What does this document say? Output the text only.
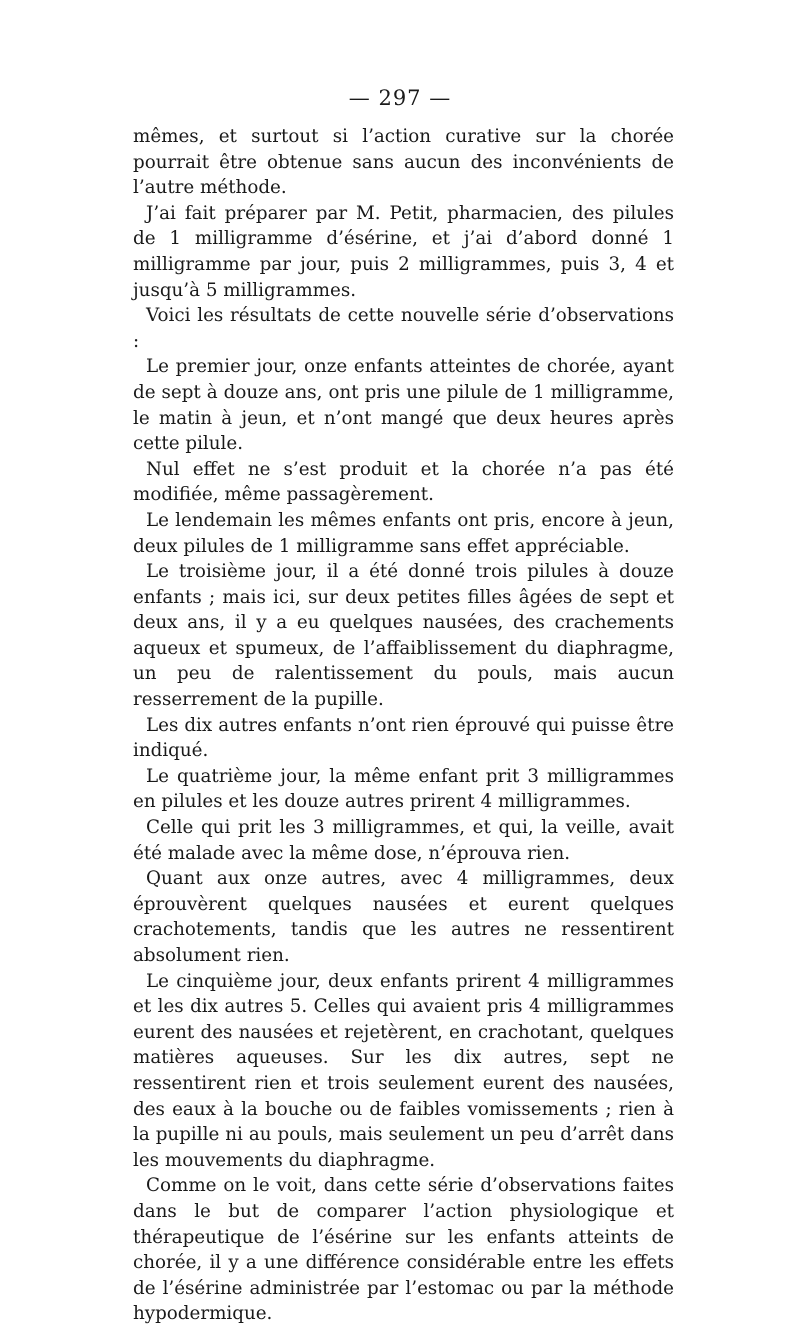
— 297 —

mêmes, et surtout si l’action curative sur la chorée pourrait être obtenue sans aucun des inconvénients de l’autre méthode.

J’ai fait préparer par M. Petit, pharmacien, des pilules de 1 milligramme d’ésérine, et j’ai d’abord donné 1 milligramme par jour, puis 2 milligrammes, puis 3, 4 et jusqu’à 5 milligrammes.

Voici les résultats de cette nouvelle série d’observations :

Le premier jour, onze enfants atteintes de chorée, ayant de sept à douze ans, ont pris une pilule de 1 milligramme, le matin à jeun, et n’ont mangé que deux heures après cette pilule.

Nul effet ne s’est produit et la chorée n’a pas été modifiée, même passagèrement.

Le lendemain les mêmes enfants ont pris, encore à jeun, deux pilules de 1 milligramme sans effet appréciable.

Le troisième jour, il a été donné trois pilules à douze enfants ; mais ici, sur deux petites filles âgées de sept et deux ans, il y a eu quelques nausées, des crachements aqueux et spumeux, de l’affaiblissement du diaphragme, un peu de ralentissement du pouls, mais aucun resserrement de la pupille.

Les dix autres enfants n’ont rien éprouvé qui puisse être indiqué.

Le quatrième jour, la même enfant prit 3 milligrammes en pilules et les douze autres prirent 4 milligrammes.

Celle qui prit les 3 milligrammes, et qui, la veille, avait été malade avec la même dose, n’éprouva rien.

Quant aux onze autres, avec 4 milligrammes, deux éprouvèrent quelques nausées et eurent quelques crachotements, tandis que les autres ne ressentirent absolument rien.

Le cinquième jour, deux enfants prirent 4 milligrammes et les dix autres 5. Celles qui avaient pris 4 milligrammes eurent des nausées et rejetèrent, en crachotant, quelques matières aqueuses. Sur les dix autres, sept ne ressentirent rien et trois seulement eurent des nausées, des eaux à la bouche ou de faibles vomissements ; rien à la pupille ni au pouls, mais seulement un peu d’arrêt dans les mouvements du diaphragme.

Comme on le voit, dans cette série d’observations faites dans le but de comparer l’action physiologique et thérapeutique de l’ésérine sur les enfants atteints de chorée, il y a une différence considérable entre les effets de l’ésérine administrée par l’estomac ou par la méthode hypodermique.
